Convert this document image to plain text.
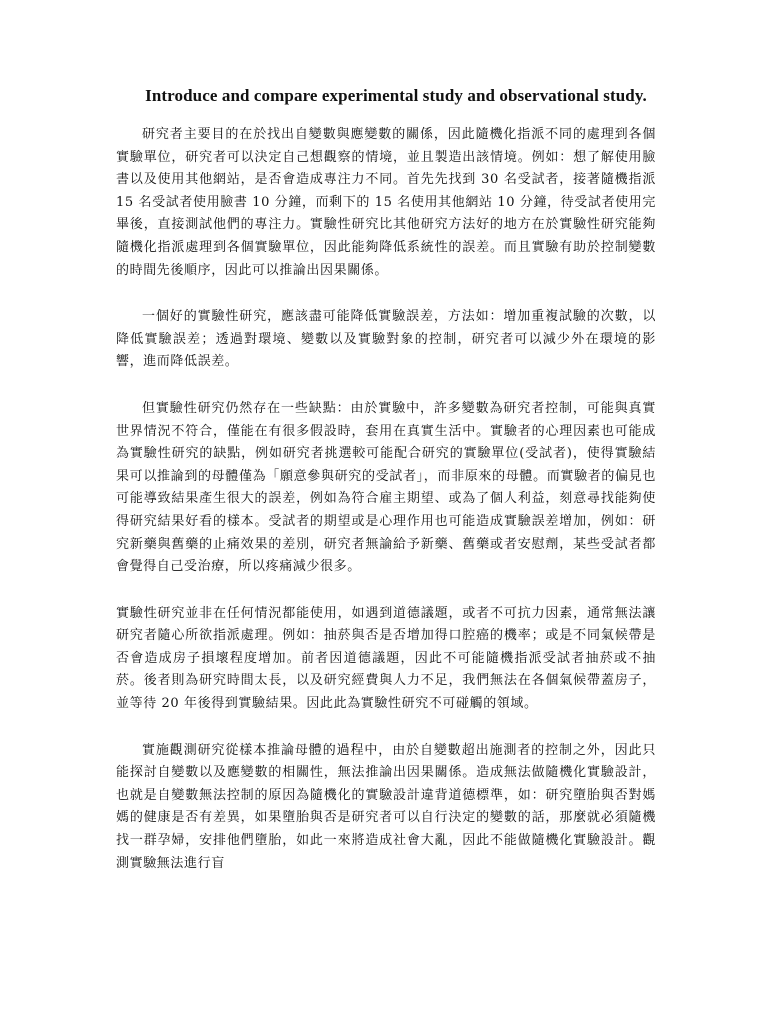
Introduce and compare experimental study and observational study.

研究者主要目的在於找出自變數與應變數的關係，因此隨機化指派不同的處理到各個實驗單位，研究者可以決定自己想觀察的情境，並且製造出該情境。例如：想了解使用臉書以及使用其他網站，是否會造成專注力不同。首先先找到 30 名受試者，接著隨機指派 15 名受試者使用臉書 10 分鐘，而剩下的 15 名使用其他網站 10 分鐘，待受試者使用完畢後，直接測試他們的專注力。實驗性研究比其他研究方法好的地方在於實驗性研究能夠隨機化指派處理到各個實驗單位，因此能夠降低系統性的誤差。而且實驗有助於控制變數的時間先後順序，因此可以推論出因果關係。

一個好的實驗性研究，應該盡可能降低實驗誤差，方法如：增加重複試驗的次數，以降低實驗誤差；透過對環境、變數以及實驗對象的控制，研究者可以減少外在環境的影響，進而降低誤差。

但實驗性研究仍然存在一些缺點：由於實驗中，許多變數為研究者控制，可能與真實世界情況不符合，僅能在有很多假設時，套用在真實生活中。實驗者的心理因素也可能成為實驗性研究的缺點，例如研究者挑選較可能配合研究的實驗單位(受試者)，使得實驗結果可以推論到的母體僅為「願意參與研究的受試者」，而非原來的母體。而實驗者的偏見也可能導致結果產生很大的誤差，例如為符合雇主期望、或為了個人利益，刻意尋找能夠使得研究結果好看的樣本。受試者的期望或是心理作用也可能造成實驗誤差增加，例如：研究新藥與舊藥的止痛效果的差別，研究者無論給予新藥、舊藥或者安慰劑，某些受試者都會覺得自己受治療，所以疼痛減少很多。

實驗性研究並非在任何情況都能使用，如遇到道德議題，或者不可抗力因素，通常無法讓研究者隨心所欲指派處理。例如：抽菸與否是否增加得口腔癌的機率；或是不同氣候帶是否會造成房子損壞程度增加。前者因道德議題，因此不可能隨機指派受試者抽菸或不抽菸。後者則為研究時間太長，以及研究經費與人力不足，我們無法在各個氣候帶蓋房子，並等待 20 年後得到實驗結果。因此此為實驗性研究不可碰觸的領域。

實施觀測研究從樣本推論母體的過程中，由於自變數超出施測者的控制之外，因此只能探討自變數以及應變數的相關性，無法推論出因果關係。造成無法做隨機化實驗設計，也就是自變數無法控制的原因為隨機化的實驗設計違背道德標準，如：研究墮胎與否對媽媽的健康是否有差異，如果墮胎與否是研究者可以自行決定的變數的話，那麼就必須隨機找一群孕婦，安排他們墮胎，如此一來將造成社會大亂，因此不能做隨機化實驗設計。觀測實驗無法進行盲
